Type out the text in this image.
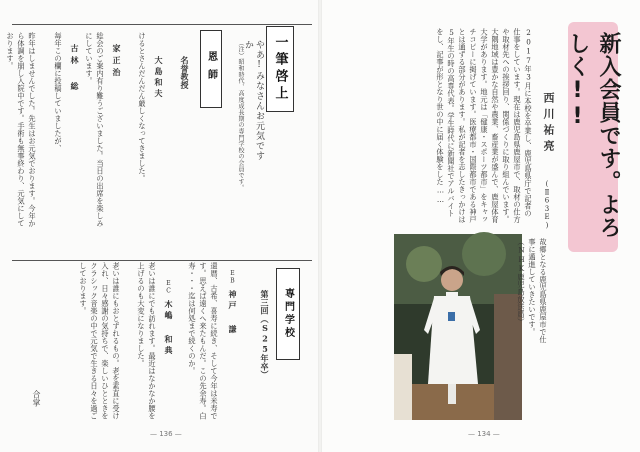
新入会員です。よろしく!!
西川祐亮
(Ⅱ63E)

2017年3月に本校を卒業し、鹿児島県庁で記者の仕事をしています。現在は鹿児島県鹿屋市で、取材の仕方や取材先への挨拶回り、関係づくりに取り組んでいます。大隅地域は豊かな自然や農業、畜産業が盛んで、鹿屋体育大学があります。地元は「健康・スポーツ都市」をキャッチコピーに掲げています。医療都市・国際都市である神戸とは通ずる部分があります。私が記者を志したきっかけは5年生の時の高専代表。学生時代に新聞社でアルバイトをし、記事が形となり世の中に届く体験をした……

故郷となる鹿児島県鹿屋市で仕事に邁進していきたいです。（NHK鹿児島放送局）

— 134 —
一筆啓上
やあ!みなさんお元気ですか
（注）昭和時代、高度成長期の専門学校の会員です。
恩師
名誉教授
大島和夫

けるとさんだんだん厳しくなってきました。

家正治

総会のご案内有り難うございました。当日の出席を楽しみにしています。

古林 総

毎年この欄に投稿していましたが、

専門学校
第三回（S25年卒）
神戸 謙
EB

還暦、古希、喜寿に続き、そして今年は米寿です。思えば遠くへ来たもんだ。この先余寿。白寿・・・迄は何処まで続くのか。

木嶋 和典
EC

老いは誰にでも訪れます。最近はなかなか腰を上げるのも大変になりました。

老いは誰にもおとずれるもの。老を素直に受け入れ、日々感謝の気持ちで、楽しいひとときをクラシック音楽の中で元気で生きる日々を過ごしております。

合掌

昨年はしませんでした。先生はお元気でおります。今年から体調を崩し入院中です。手術も無事終わり、元気にしております。

— 136 —
